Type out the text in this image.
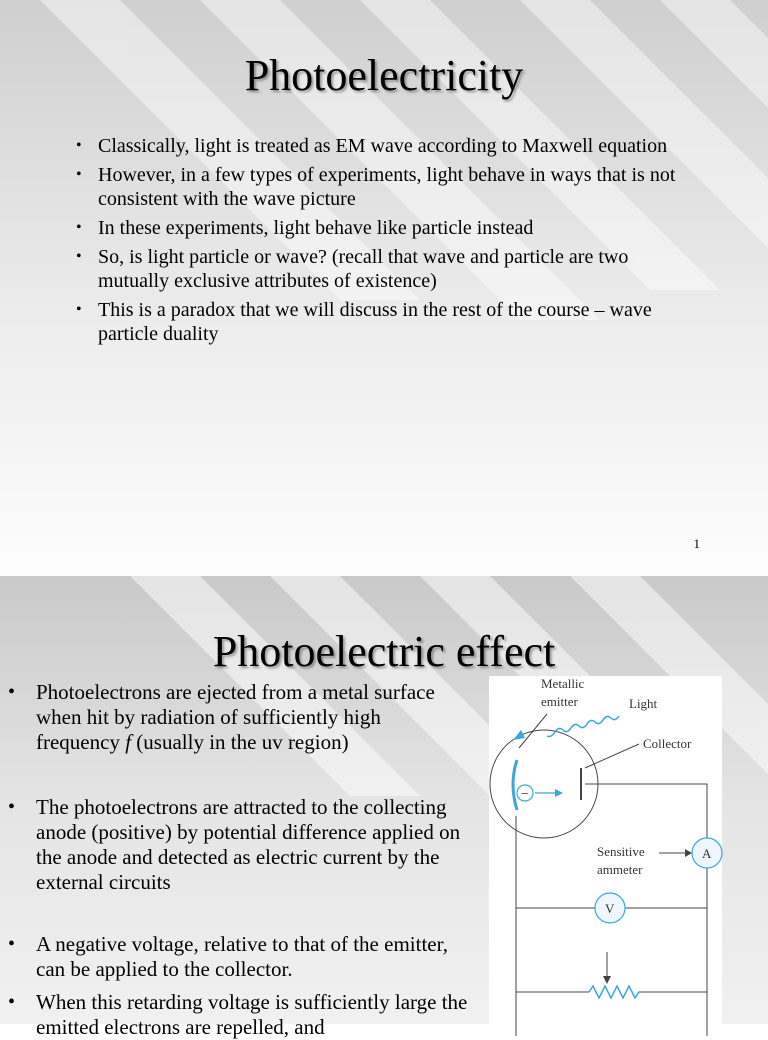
Photoelectricity
• Classically, light is treated as EM wave according to Maxwell equation
• However, in a few types of experiments, light behave in ways that is not consistent with the wave picture
• In these experiments, light behave like particle instead
• So, is light particle or wave? (recall that wave and particle are two mutually exclusive attributes of existence)
• This is a paradox that we will discuss in the rest of the course – wave particle duality
1
Photoelectric effect
• Photoelectrons are ejected from a metal surface when hit by radiation of sufficiently high frequency f (usually in the uv region)
• The photoelectrons are attracted to the collecting anode (positive) by potential difference applied on the anode and detected as electric current by the external circuits
• A negative voltage, relative to that of the emitter, can be applied to the collector.
• When this retarding voltage is sufficiently large the emitted electrons are repelled, and
−
Metallic
emitter	Light
Collector
Sensitive
ammeter
A
V
